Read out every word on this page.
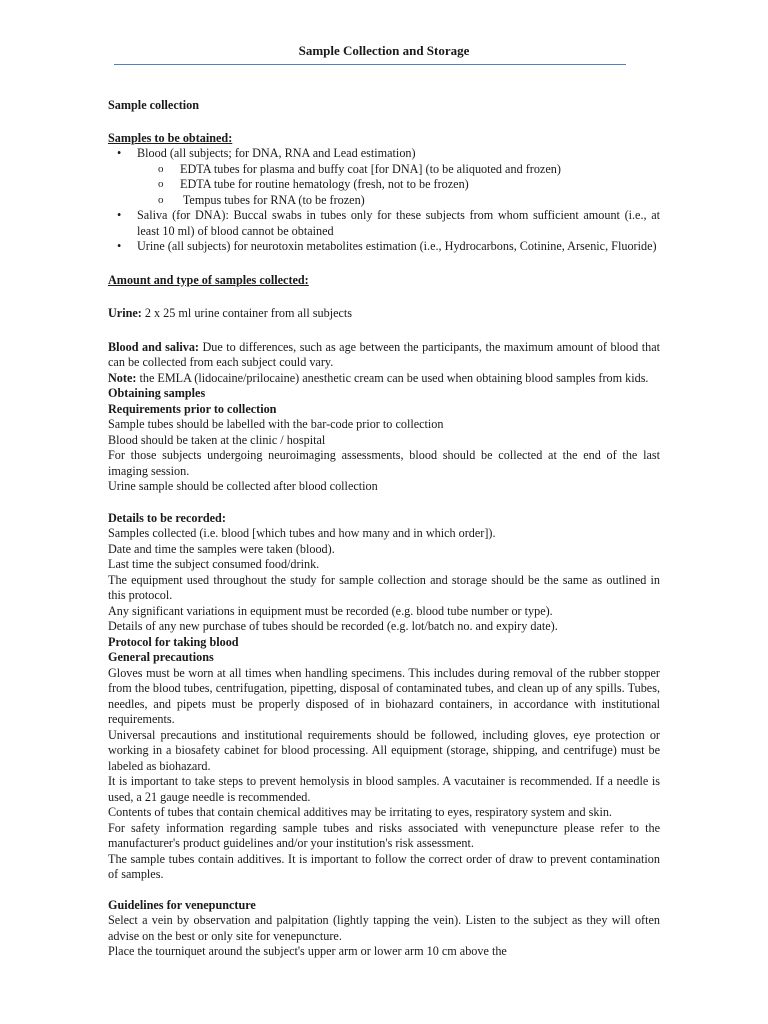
Sample Collection and Storage

Sample collection

Samples to be obtained:

• Blood (all subjects; for DNA, RNA and Lead estimation)
o EDTA tubes for plasma and buffy coat [for DNA] (to be aliquoted and frozen)
o EDTA tube for routine hematology (fresh, not to be frozen)
o Tempus tubes for RNA (to be frozen)
• Saliva (for DNA): Buccal swabs in tubes only for these subjects from whom sufficient amount (i.e., at least 10 ml) of blood cannot be obtained
• Urine (all subjects) for neurotoxin metabolites estimation (i.e., Hydrocarbons, Cotinine, Arsenic, Fluoride)

Amount and type of samples collected:

Urine: 2 x 25 ml urine container from all subjects

Blood and saliva: Due to differences, such as age between the participants, the maximum amount of blood that can be collected from each subject could vary.

Note: the EMLA (lidocaine/prilocaine) anesthetic cream can be used when obtaining blood samples from kids.

Obtaining samples

Requirements prior to collection

Sample tubes should be labelled with the bar-code prior to collection

Blood should be taken at the clinic / hospital

For those subjects undergoing neuroimaging assessments, blood should be collected at the end of the last imaging session.

Urine sample should be collected after blood collection

Details to be recorded:

Samples collected (i.e. blood [which tubes and how many and in which order]).

Date and time the samples were taken (blood).

Last time the subject consumed food/drink.

The equipment used throughout the study for sample collection and storage should be the same as outlined in this protocol.

Any significant variations in equipment must be recorded (e.g. blood tube number or type).

Details of any new purchase of tubes should be recorded (e.g. lot/batch no. and expiry date).

Protocol for taking blood

General precautions

Gloves must be worn at all times when handling specimens. This includes during removal of the rubber stopper from the blood tubes, centrifugation, pipetting, disposal of contaminated tubes, and clean up of any spills. Tubes, needles, and pipets must be properly disposed of in biohazard containers, in accordance with institutional requirements.

Universal precautions and institutional requirements should be followed, including gloves, eye protection or working in a biosafety cabinet for blood processing. All equipment (storage, shipping, and centrifuge) must be labeled as biohazard.

It is important to take steps to prevent hemolysis in blood samples. A vacutainer is recommended. If a needle is used, a 21 gauge needle is recommended.

Contents of tubes that contain chemical additives may be irritating to eyes, respiratory system and skin.

For safety information regarding sample tubes and risks associated with venepuncture please refer to the manufacturer's product guidelines and/or your institution's risk assessment.

The sample tubes contain additives. It is important to follow the correct order of draw to prevent contamination of samples.

Guidelines for venepuncture

Select a vein by observation and palpitation (lightly tapping the vein). Listen to the subject as they will often advise on the best or only site for venepuncture.

Place the tourniquet around the subject's upper arm or lower arm 10 cm above the
